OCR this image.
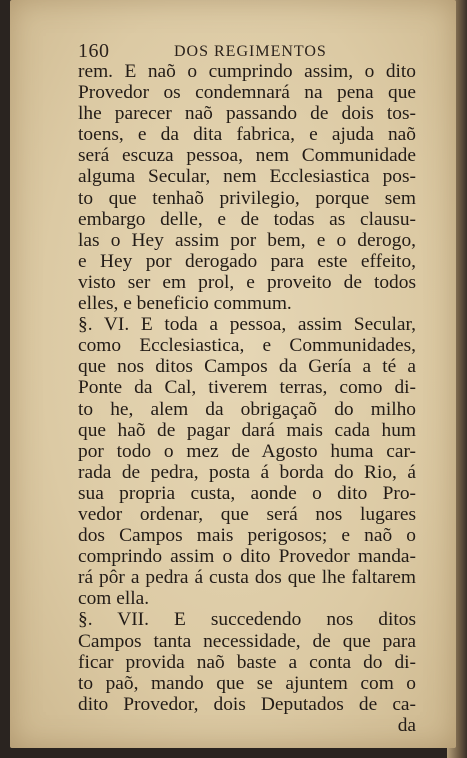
160	DOS REGIMENTOS
rem. E naõ o cumprindo assim, o dito
Provedor os condemnará na pena que
lhe parecer naõ passando de dois tos-
toens, e da dita fabrica, e ajuda naõ
será escuza pessoa, nem Communidade
alguma Secular, nem Ecclesiastica pos-
to que tenhaõ privilegio, porque sem
embargo delle, e de todas as clausu-
las o Hey assim por bem, e o derogo,
e Hey por derogado para este effeito,
visto ser em prol, e proveito de todos
elles, e beneficio commum.
§. VI. E toda a pessoa, assim Secular,
como Ecclesiastica, e Communidades,
que nos ditos Campos da Gería a té a
Ponte da Cal, tiverem terras, como di-
to he, alem da obrigaçaõ do milho
que haõ de pagar dará mais cada hum
por todo o mez de Agosto huma car-
rada de pedra, posta á borda do Rio, á
sua propria custa, aonde o dito Pro-
vedor ordenar, que será nos lugares
dos Campos mais perigosos; e naõ o
comprindo assim o dito Provedor manda-
rá pôr a pedra á custa dos que lhe faltarem
com ella.
§. VII. E succedendo nos ditos
Campos tanta necessidade, de que para
ficar provida naõ baste a conta do di-
to paõ, mando que se ajuntem com o
dito Provedor, dois Deputados de ca-
da
